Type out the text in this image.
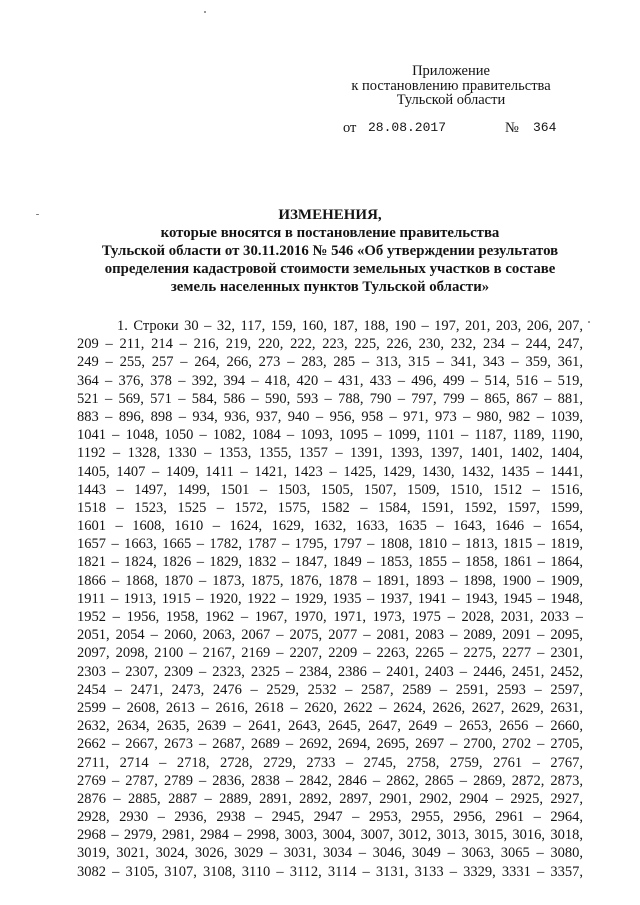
Приложение
к постановлению правительства
Тульской области
от 28.08.2017	№ 364
ИЗМЕНЕНИЯ,
которые вносятся в постановление правительства
Тульской области от 30.11.2016 № 546 «Об утверждении результатов
определения кадастровой стоимости земельных участков в составе
земель населенных пунктов Тульской области»
1. Строки 30 – 32, 117, 159, 160, 187, 188, 190 – 197, 201, 203, 206, 207,
209 – 211, 214 – 216, 219, 220, 222, 223, 225, 226, 230, 232, 234 – 244, 247,
249 – 255, 257 – 264, 266, 273 – 283, 285 – 313, 315 – 341, 343 – 359, 361,
364 – 376, 378 – 392, 394 – 418, 420 – 431, 433 – 496, 499 – 514, 516 – 519,
521 – 569, 571 – 584, 586 – 590, 593 – 788, 790 – 797, 799 – 865, 867 – 881,
883 – 896, 898 – 934, 936, 937, 940 – 956, 958 – 971, 973 – 980, 982 – 1039,
1041 – 1048, 1050 – 1082, 1084 – 1093, 1095 – 1099, 1101 – 1187, 1189, 1190,
1192 – 1328, 1330 – 1353, 1355, 1357 – 1391, 1393, 1397, 1401, 1402, 1404,
1405, 1407 – 1409, 1411 – 1421, 1423 – 1425, 1429, 1430, 1432, 1435 – 1441,
1443 – 1497, 1499, 1501 – 1503, 1505, 1507, 1509, 1510, 1512 – 1516,
1518 – 1523, 1525 – 1572, 1575, 1582 – 1584, 1591, 1592, 1597, 1599,
1601 – 1608, 1610 – 1624, 1629, 1632, 1633, 1635 – 1643, 1646 – 1654,
1657 – 1663, 1665 – 1782, 1787 – 1795, 1797 – 1808, 1810 – 1813, 1815 – 1819,
1821 – 1824, 1826 – 1829, 1832 – 1847, 1849 – 1853, 1855 – 1858, 1861 – 1864,
1866 – 1868, 1870 – 1873, 1875, 1876, 1878 – 1891, 1893 – 1898, 1900 – 1909,
1911 – 1913, 1915 – 1920, 1922 – 1929, 1935 – 1937, 1941 – 1943, 1945 – 1948,
1952 – 1956, 1958, 1962 – 1967, 1970, 1971, 1973, 1975 – 2028, 2031, 2033 –
2051, 2054 – 2060, 2063, 2067 – 2075, 2077 – 2081, 2083 – 2089, 2091 – 2095,
2097, 2098, 2100 – 2167, 2169 – 2207, 2209 – 2263, 2265 – 2275, 2277 – 2301,
2303 – 2307, 2309 – 2323, 2325 – 2384, 2386 – 2401, 2403 – 2446, 2451, 2452,
2454 – 2471, 2473, 2476 – 2529, 2532 – 2587, 2589 – 2591, 2593 – 2597,
2599 – 2608, 2613 – 2616, 2618 – 2620, 2622 – 2624, 2626, 2627, 2629, 2631,
2632, 2634, 2635, 2639 – 2641, 2643, 2645, 2647, 2649 – 2653, 2656 – 2660,
2662 – 2667, 2673 – 2687, 2689 – 2692, 2694, 2695, 2697 – 2700, 2702 – 2705,
2711, 2714 – 2718, 2728, 2729, 2733 – 2745, 2758, 2759, 2761 – 2767,
2769 – 2787, 2789 – 2836, 2838 – 2842, 2846 – 2862, 2865 – 2869, 2872, 2873,
2876 – 2885, 2887 – 2889, 2891, 2892, 2897, 2901, 2902, 2904 – 2925, 2927,
2928, 2930 – 2936, 2938 – 2945, 2947 – 2953, 2955, 2956, 2961 – 2964,
2968 – 2979, 2981, 2984 – 2998, 3003, 3004, 3007, 3012, 3013, 3015, 3016, 3018,
3019, 3021, 3024, 3026, 3029 – 3031, 3034 – 3046, 3049 – 3063, 3065 – 3080,
3082 – 3105, 3107, 3108, 3110 – 3112, 3114 – 3131, 3133 – 3329, 3331 – 3357,
